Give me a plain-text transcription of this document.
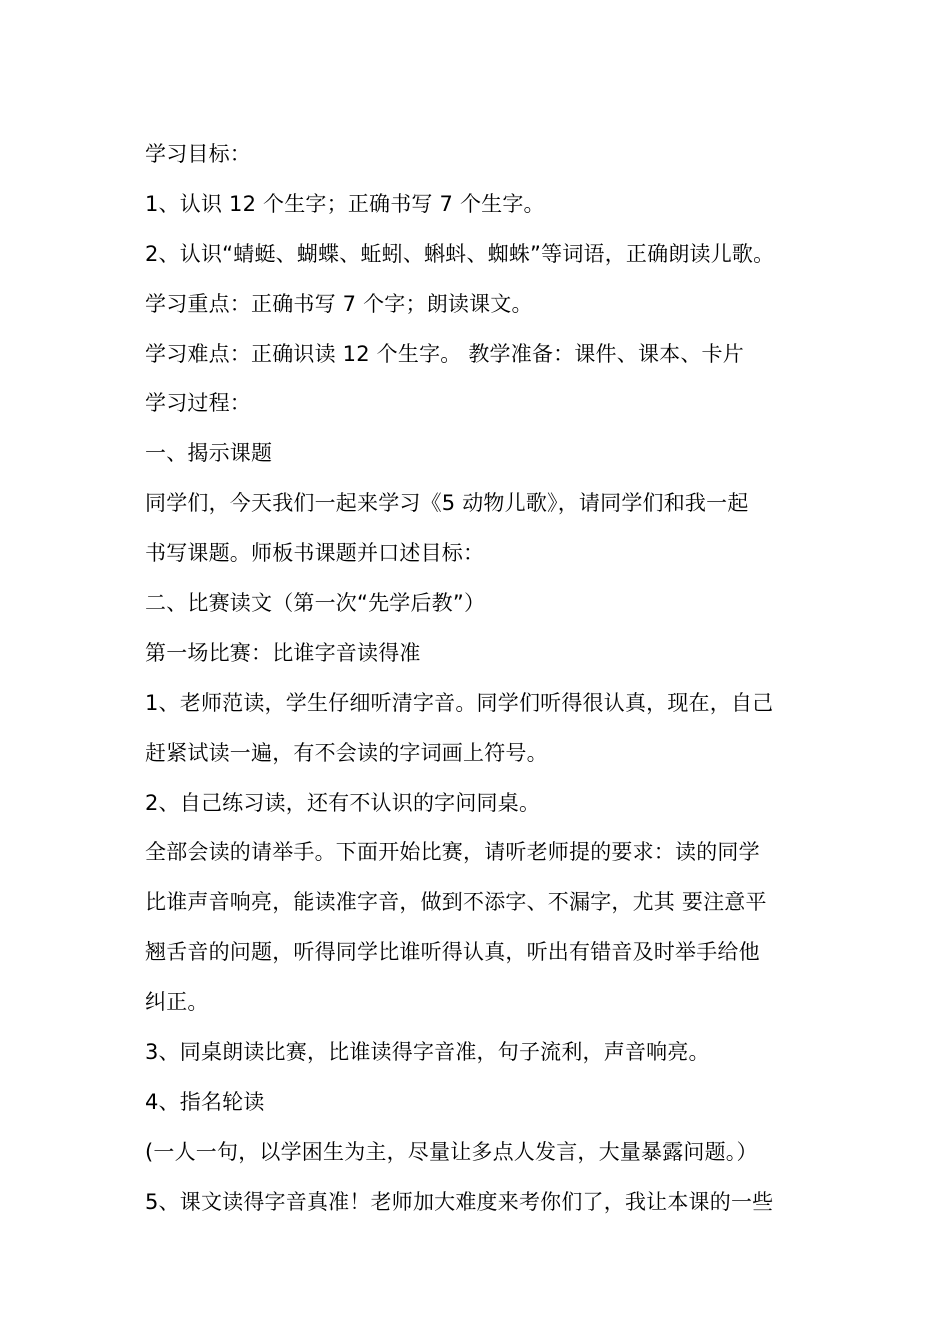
学习目标：
1、认识 12 个生字；正确书写 7 个生字。
2、认识“蜻蜓、蝴蝶、蚯蚓、蝌蚪、蜘蛛”等词语，正确朗读儿歌。
学习重点：正确书写 7 个字；朗读课文。
学习难点：正确识读 12 个生字。 教学准备：课件、课本、卡片
学习过程：
一、揭示课题
同学们，今天我们一起来学习《5 动物儿歌》，请同学们和我一起
书写课题。师板书课题并口述目标：
二、比赛读文（第一次“先学后教”）
第一场比赛：比谁字音读得准
1、老师范读，学生仔细听清字音。同学们听得很认真，现在，自己
赶紧试读一遍，有不会读的字词画上符号。
2、自己练习读，还有不认识的字问同桌。
全部会读的请举手。下面开始比赛，请听老师提的要求：读的同学
比谁声音响亮，能读准字音，做到不添字、不漏字，尤其 要注意平
翘舌音的问题，听得同学比谁听得认真，听出有错音及时举手给他
纠正。
3、同桌朗读比赛，比谁读得字音准，句子流利，声音响亮。
4、指名轮读
(一人一句，以学困生为主，尽量让多点人发言，大量暴露问题。）
5、课文读得字音真准！老师加大难度来考你们了，我让本课的一些
